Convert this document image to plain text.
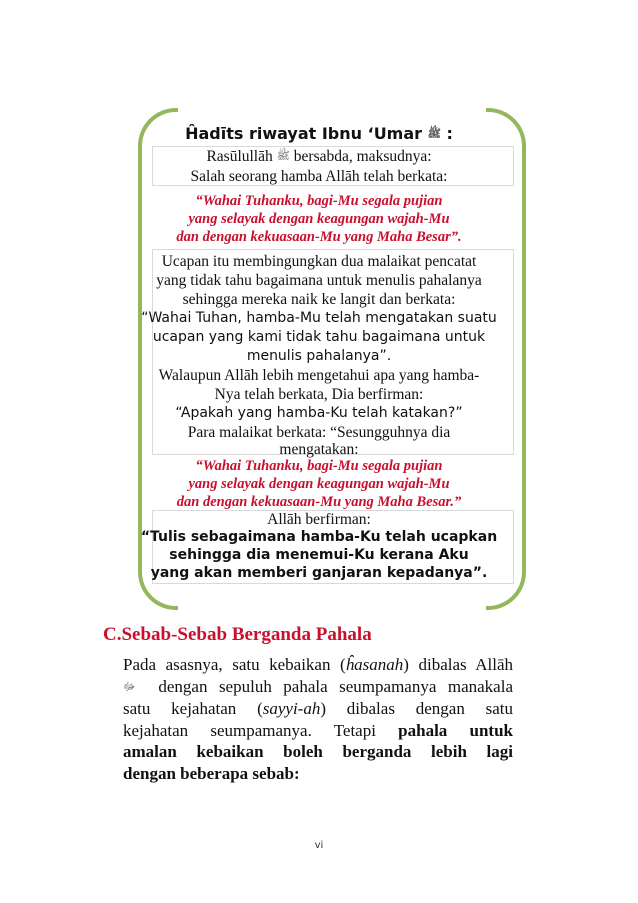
Ĥadīts riwayat Ibnu ‘Umar ﷺ :
Rasūlullāh ﷺ bersabda, maksudnya:
Salah seorang hamba Allāh telah berkata:
“Wahai Tuhanku, bagi-Mu segala pujian
yang selayak dengan keagungan wajah-Mu
dan dengan kekuasaan-Mu yang Maha Besar”.
Ucapan itu membingungkan dua malaikat pencatat
yang tidak tahu bagaimana untuk menulis pahalanya
sehingga mereka naik ke langit dan berkata:
“Wahai Tuhan, hamba-Mu telah mengatakan suatu
ucapan yang kami tidak tahu bagaimana untuk
menulis pahalanya”.
Walaupun Allāh lebih mengetahui apa yang hamba-
Nya telah berkata, Dia berfirman:
“Apakah yang hamba-Ku telah katakan?”
Para malaikat berkata: “Sesungguhnya dia
mengatakan:
“Wahai Tuhanku, bagi-Mu segala pujian
yang selayak dengan keagungan wajah-Mu
dan dengan kekuasaan-Mu yang Maha Besar.”
Allāh berfirman:
“Tulis sebagaimana hamba-Ku telah ucapkan
sehingga dia menemui-Ku kerana Aku
yang akan memberi ganjaran kepadanya”.
C.Sebab-Sebab Berganda Pahala
Pada asasnya, satu kebaikan (ĥasanah) dibalas Allāh
ﷻ dengan sepuluh pahala seumpamanya manakala
satu kejahatan (sayyi-ah) dibalas dengan satu
kejahatan seumpamanya. Tetapi pahala untuk
amalan kebaikan boleh berganda lebih lagi
dengan beberapa sebab:
vi
